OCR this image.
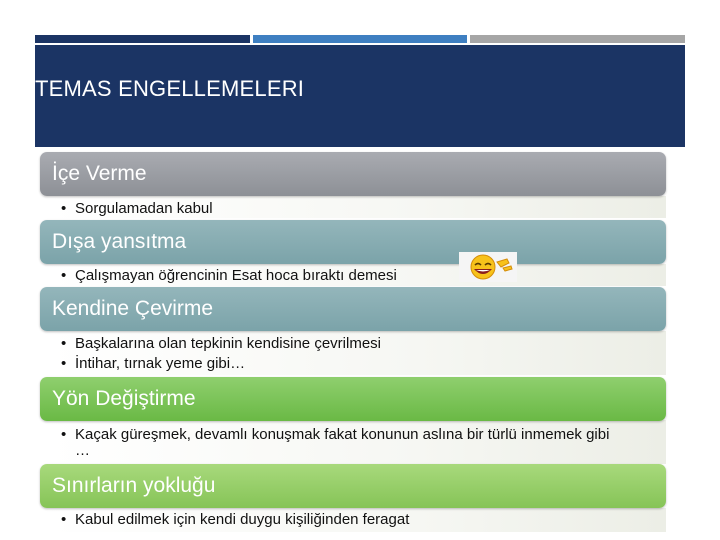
TEMAS ENGELLEMELERI
İçe Verme
• Sorgulamadan kabul
Dışa yansıtma
• Çalışmayan öğrencinin Esat hoca bıraktı demesi
Kendine Çevirme
• Başkalarına olan tepkinin kendisine çevrilmesi
• İntihar, tırnak yeme gibi…
Yön Değiştirme
• Kaçak güreşmek, devamlı konuşmak fakat konunun aslına bir türlü inmemek gibi …
Sınırların yokluğu
• Kabul edilmek için kendi duygu kişiliğinden feragat
